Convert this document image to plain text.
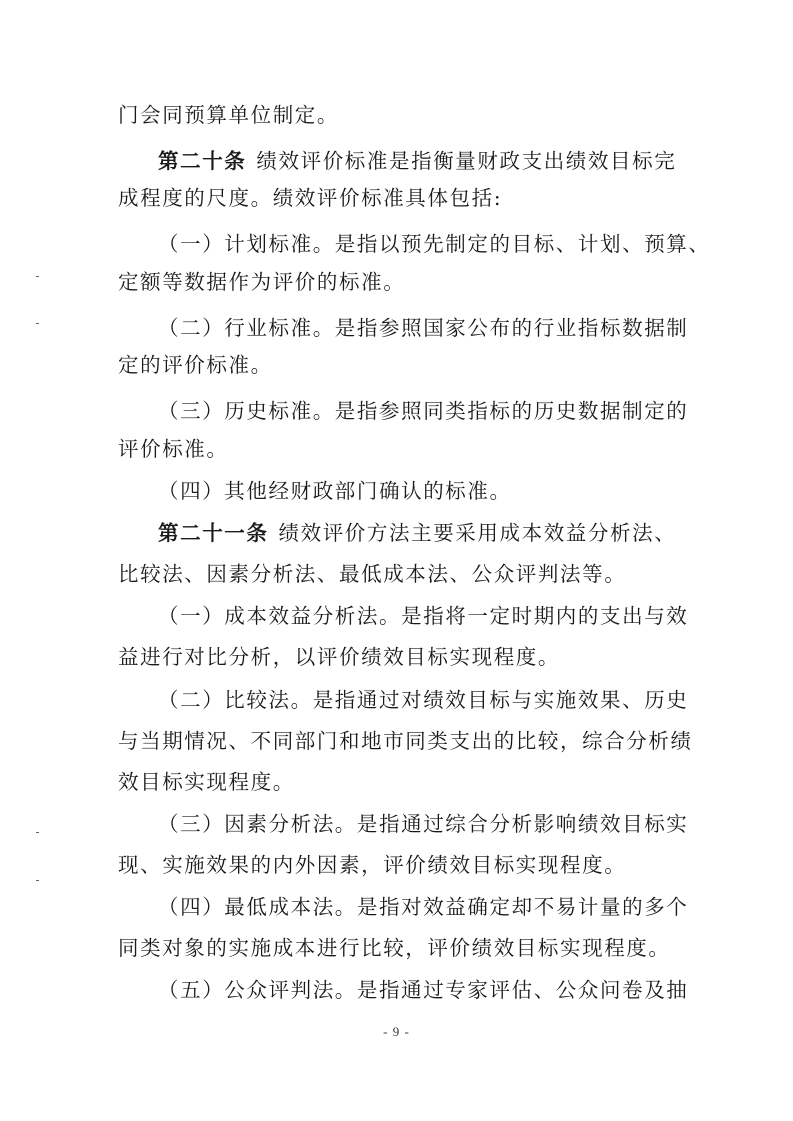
门会同预算单位制定。
第二十条 绩效评价标准是指衡量财政支出绩效目标完
成程度的尺度。绩效评价标准具体包括:
（一）计划标准。是指以预先制定的目标、计划、预算、
定额等数据作为评价的标准。
（二）行业标准。是指参照国家公布的行业指标数据制
定的评价标准。
（三）历史标准。是指参照同类指标的历史数据制定的
评价标准。
（四）其他经财政部门确认的标准。
第二十一条 绩效评价方法主要采用成本效益分析法、
比较法、因素分析法、最低成本法、公众评判法等。
（一）成本效益分析法。是指将一定时期内的支出与效
益进行对比分析，以评价绩效目标实现程度。
（二）比较法。是指通过对绩效目标与实施效果、历史
与当期情况、不同部门和地市同类支出的比较，综合分析绩
效目标实现程度。
（三）因素分析法。是指通过综合分析影响绩效目标实
现、实施效果的内外因素，评价绩效目标实现程度。
（四）最低成本法。是指对效益确定却不易计量的多个
同类对象的实施成本进行比较，评价绩效目标实现程度。
（五）公众评判法。是指通过专家评估、公众问卷及抽
- 9 -
